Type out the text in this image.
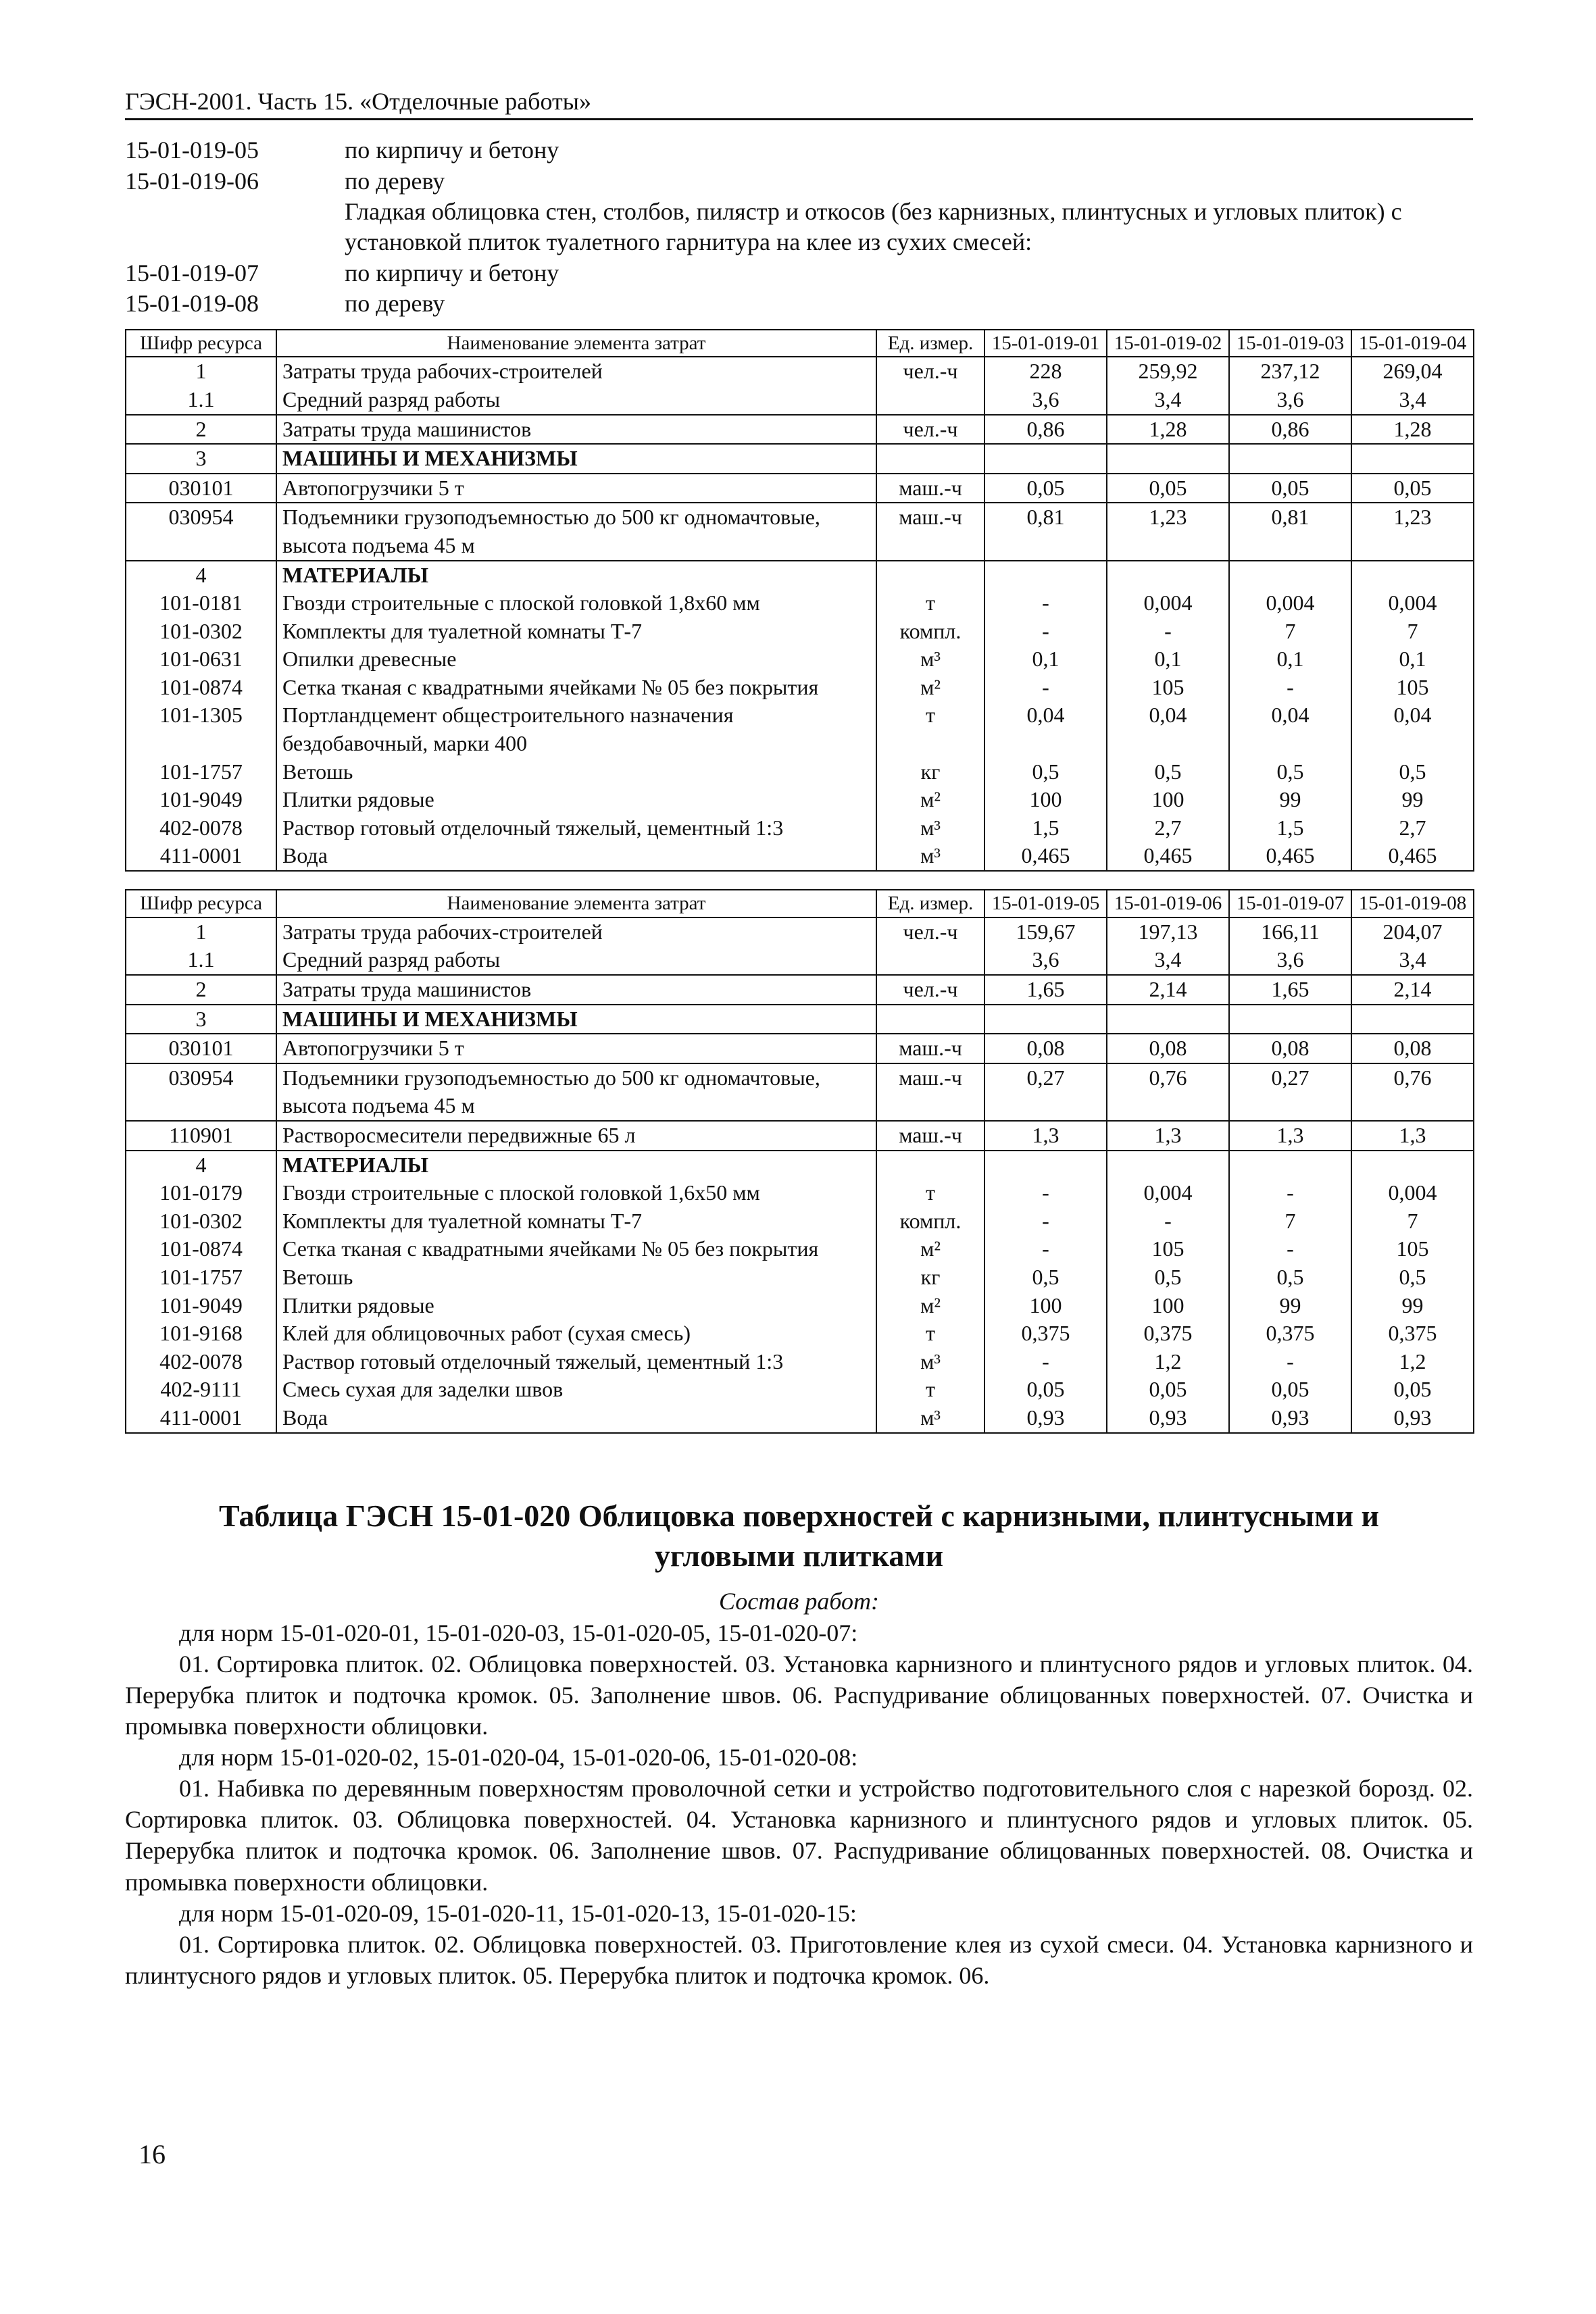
ГЭСН-2001. Часть 15. «Отделочные работы»
15-01-019-05	по кирпичу и бетону
15-01-019-06	по дереву
Гладкая облицовка стен, столбов, пилястр и откосов (без карнизных, плинтусных и угловых плиток) с установкой плиток туалетного гарнитура на клее из сухих смесей:
15-01-019-07	по кирпичу и бетону
15-01-019-08	по дереву
Шифр ресурса	Наименование элемента затрат	Ед. измер.	15-01-019-01	15-01-019-02	15-01-019-03	15-01-019-04
1	Затраты труда рабочих-строителей	чел.-ч	228	259,92	237,12	269,04
1.1	Средний разряд работы		3,6	3,4	3,6	3,4
2	Затраты труда машинистов	чел.-ч	0,86	1,28	0,86	1,28
3	МАШИНЫ И МЕХАНИЗМЫ					
030101	Автопогрузчики 5 т	маш.-ч	0,05	0,05	0,05	0,05
030954	Подъемники грузоподъемностью до 500 кг одномачтовые, высота подъема 45 м	маш.-ч	0,81	1,23	0,81	1,23
4	МАТЕРИАЛЫ					
101-0181	Гвозди строительные с плоской головкой 1,8x60 мм	т	-	0,004	0,004	0,004
101-0302	Комплекты для туалетной комнаты Т-7	компл.	-	-	7	7
101-0631	Опилки древесные	м³	0,1	0,1	0,1	0,1
101-0874	Сетка тканая с квадратными ячейками № 05 без покрытия	м²	-	105	-	105
101-1305	Портландцемент общестроительного назначения бездобавочный, марки 400	т	0,04	0,04	0,04	0,04
101-1757	Ветошь	кг	0,5	0,5	0,5	0,5
101-9049	Плитки рядовые	м²	100	100	99	99
402-0078	Раствор готовый отделочный тяжелый, цементный 1:3	м³	1,5	2,7	1,5	2,7
411-0001	Вода	м³	0,465	0,465	0,465	0,465
Шифр ресурса	Наименование элемента затрат	Ед. измер.	15-01-019-05	15-01-019-06	15-01-019-07	15-01-019-08
1	Затраты труда рабочих-строителей	чел.-ч	159,67	197,13	166,11	204,07
1.1	Средний разряд работы		3,6	3,4	3,6	3,4
2	Затраты труда машинистов	чел.-ч	1,65	2,14	1,65	2,14
3	МАШИНЫ И МЕХАНИЗМЫ					
030101	Автопогрузчики 5 т	маш.-ч	0,08	0,08	0,08	0,08
030954	Подъемники грузоподъемностью до 500 кг одномачтовые, высота подъема 45 м	маш.-ч	0,27	0,76	0,27	0,76
110901	Растворосмесители передвижные 65 л	маш.-ч	1,3	1,3	1,3	1,3
4	МАТЕРИАЛЫ					
101-0179	Гвозди строительные с плоской головкой 1,6x50 мм	т	-	0,004	-	0,004
101-0302	Комплекты для туалетной комнаты Т-7	компл.	-	-	7	7
101-0874	Сетка тканая с квадратными ячейками № 05 без покрытия	м²	-	105	-	105
101-1757	Ветошь	кг	0,5	0,5	0,5	0,5
101-9049	Плитки рядовые	м²	100	100	99	99
101-9168	Клей для облицовочных работ (сухая смесь)	т	0,375	0,375	0,375	0,375
402-0078	Раствор готовый отделочный тяжелый, цементный 1:3	м³	-	1,2	-	1,2
402-9111	Смесь сухая для заделки швов	т	0,05	0,05	0,05	0,05
411-0001	Вода	м³	0,93	0,93	0,93	0,93
Таблица ГЭСН 15-01-020 Облицовка поверхностей с карнизными, плинтусными и
угловыми плитками
Состав работ:

для норм 15-01-020-01, 15-01-020-03, 15-01-020-05, 15-01-020-07:

01. Сортировка плиток. 02. Облицовка поверхностей. 03. Установка карнизного и плинтусного рядов и угловых плиток. 04. Перерубка плиток и подточка кромок. 05. Заполнение швов. 06. Распудривание облицованных поверхностей. 07. Очистка и промывка поверхности облицовки.

для норм 15-01-020-02, 15-01-020-04, 15-01-020-06, 15-01-020-08:

01. Набивка по деревянным поверхностям проволочной сетки и устройство подготовительного слоя с нарезкой борозд. 02. Сортировка плиток. 03. Облицовка поверхностей. 04. Установка карнизного и плинтусного рядов и угловых плиток. 05. Перерубка плиток и подточка кромок. 06. Заполнение швов. 07. Распудривание облицованных поверхностей. 08. Очистка и промывка поверхности облицовки.

для норм 15-01-020-09, 15-01-020-11, 15-01-020-13, 15-01-020-15:

01. Сортировка плиток. 02. Облицовка поверхностей. 03. Приготовление клея из сухой смеси. 04. Установка карнизного и плинтусного рядов и угловых плиток. 05. Перерубка плиток и подточка кромок. 06.

16
